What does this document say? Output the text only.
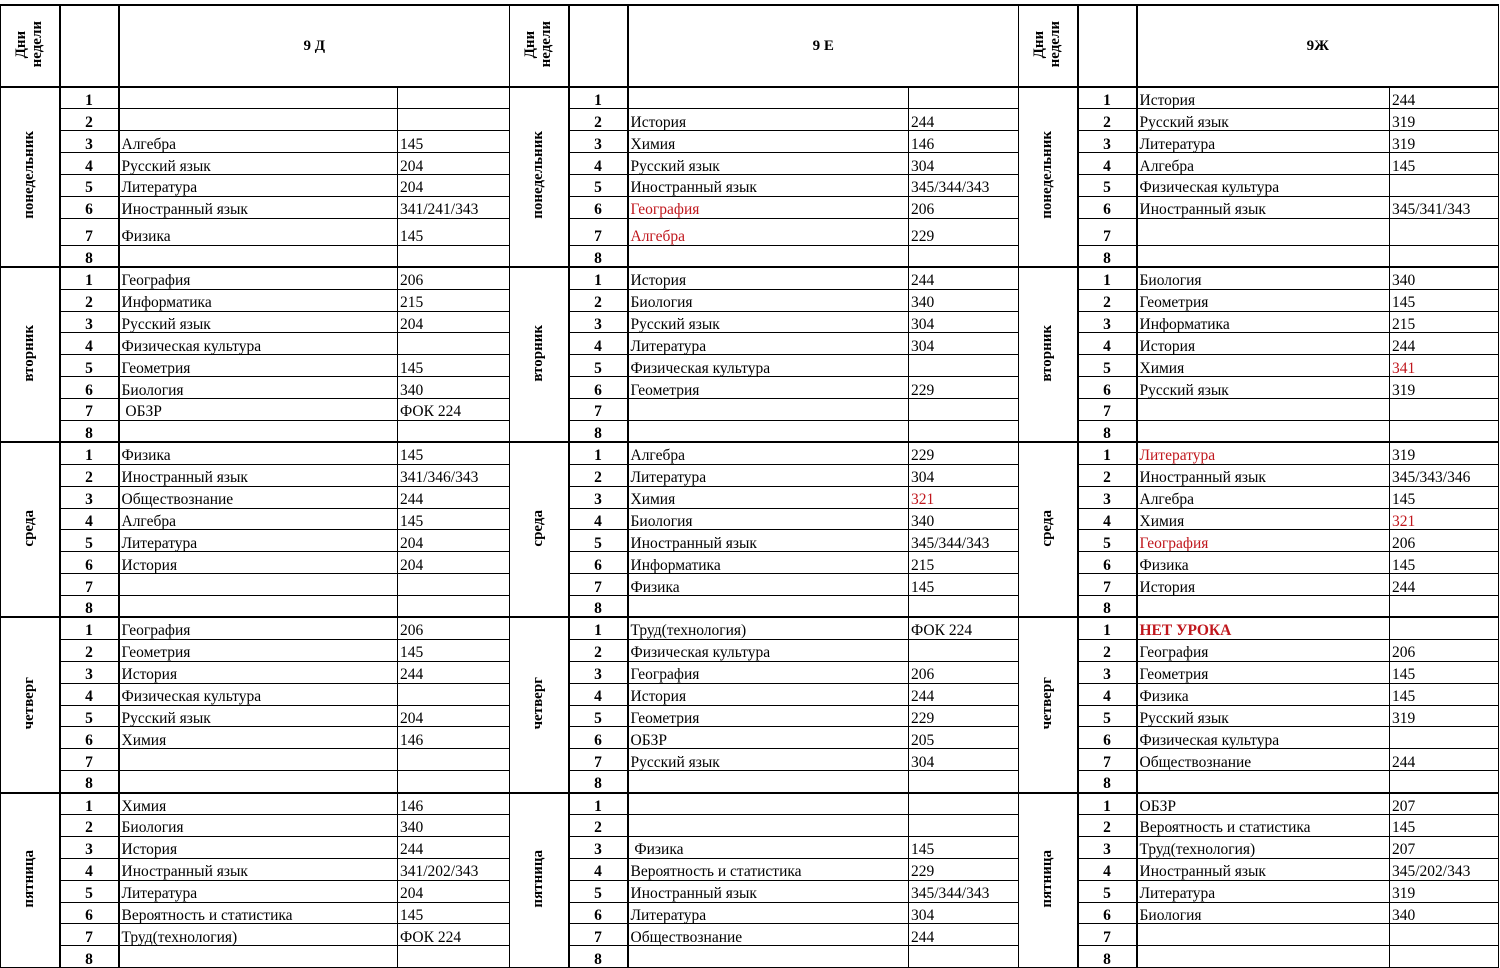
Дни
недели		9 Д	
понедельник	1		
	2		
	3	Алгебра	145
	4	Русский язык	204
	5	Литература	204
	6	Иностранный язык	341/241/343
	7	Физика	145
	8		
вторник	1	География	206
	2	Информатика	215
	3	Русский язык	204
	4	Физическая культура	
	5	Геометрия	145
	6	Биология	340
	7	ОБЗР	ФОК 224
	8		
среда	1	Физика	145
	2	Иностранный язык	341/346/343
	3	Обществознание	244
	4	Алгебра	145
	5	Литература	204
	6	История	204
	7		
	8		
четверг	1	География	206
	2	Геометрия	145
	3	История	244
	4	Физическая культура	
	5	Русский язык	204
	6	Химия	146
	7		
	8		
пятница	1	Химия	146
	2	Биология	340
	3	История	244
	4	Иностранный язык	341/202/343
	5	Литература	204
	6	Вероятность и статистика	145
	7	Труд(технология)	ФОК 224
	8		
Дни
недели		9 Е	
понедельник	1		
	2	История	244
	3	Химия	146
	4	Русский язык	304
	5	Иностранный язык	345/344/343
	6	География	206
	7	Алгебра	229
	8		
вторник	1	История	244
	2	Биология	340
	3	Русский язык	304
	4	Литература	304
	5	Физическая культура	
	6	Геометрия	229
	7		
	8		
среда	1	Алгебра	229
	2	Литература	304
	3	Химия	321
	4	Биология	340
	5	Иностранный язык	345/344/343
	6	Информатика	215
	7	Физика	145
	8		
четверг	1	Труд(технология)	ФОК 224
	2	Физическая культура	
	3	География	206
	4	История	244
	5	Геометрия	229
	6	ОБЗР	205
	7	Русский язык	304
	8		
пятница	1		
	2		
	3	Физика	145
	4	Вероятность и статистика	229
	5	Иностранный язык	345/344/343
	6	Литература	304
	7	Обществознание	244
	8		
Дни
недели		9Ж	
понедельник	1	История	244
	2	Русский язык	319
	3	Литература	319
	4	Алгебра	145
	5	Физическая культура	
	6	Иностранный язык	345/341/343
	7		
	8		
вторник	1	Биология	340
	2	Геометрия	145
	3	Информатика	215
	4	История	244
	5	Химия	341
	6	Русский язык	319
	7		
	8		
среда	1	Литература	319
	2	Иностранный язык	345/343/346
	3	Алгебра	145
	4	Химия	321
	5	География	206
	6	Физика	145
	7	История	244
	8		
четверг	1	НЕТ УРОКА	
	2	География	206
	3	Геометрия	145
	4	Физика	145
	5	Русский язык	319
	6	Физическая культура	
	7	Обществознание	244
	8		
пятница	1	ОБЗР	207
	2	Вероятность и статистика	145
	3	Труд(технология)	207
	4	Иностранный язык	345/202/343
	5	Литература	319
	6	Биология	340
	7		
	8		
